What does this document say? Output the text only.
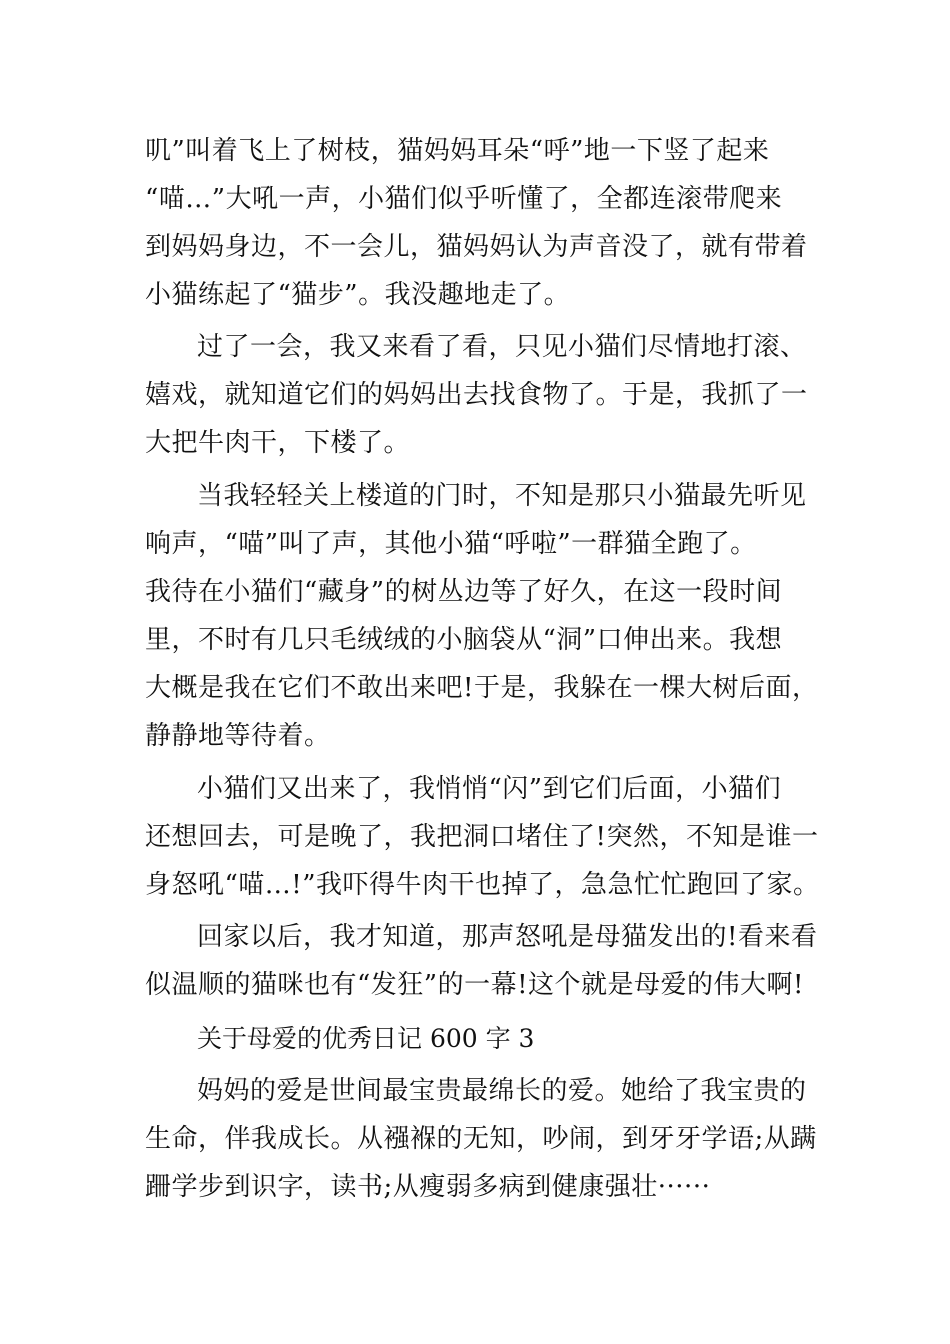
叽”叫着飞上了树枝，猫妈妈耳朵“呼”地一下竖了起来
“喵…”大吼一声，小猫们似乎听懂了，全都连滚带爬来
到妈妈身边，不一会儿，猫妈妈认为声音没了，就有带着
小猫练起了“猫步”。我没趣地走了。
过了一会，我又来看了看，只见小猫们尽情地打滚、
嬉戏，就知道它们的妈妈出去找食物了。于是，我抓了一
大把牛肉干，下楼了。
当我轻轻关上楼道的门时，不知是那只小猫最先听见
响声，“喵”叫了声，其他小猫“呼啦”一群猫全跑了。
我待在小猫们“藏身”的树丛边等了好久，在这一段时间
里，不时有几只毛绒绒的小脑袋从“洞”口伸出来。我想
大概是我在它们不敢出来吧!于是，我躲在一棵大树后面，
静静地等待着。
小猫们又出来了，我悄悄“闪”到它们后面，小猫们
还想回去，可是晚了，我把洞口堵住了!突然，不知是谁一
身怒吼“喵…!”我吓得牛肉干也掉了，急急忙忙跑回了家。
回家以后，我才知道，那声怒吼是母猫发出的!看来看
似温顺的猫咪也有“发狂”的一幕!这个就是母爱的伟大啊!
关于母爱的优秀日记 600 字 3
妈妈的爱是世间最宝贵最绵长的爱。她给了我宝贵的
生命，伴我成长。从襁褓的无知，吵闹，到牙牙学语;从蹒
跚学步到识字，读书;从瘦弱多病到健康强壮······
